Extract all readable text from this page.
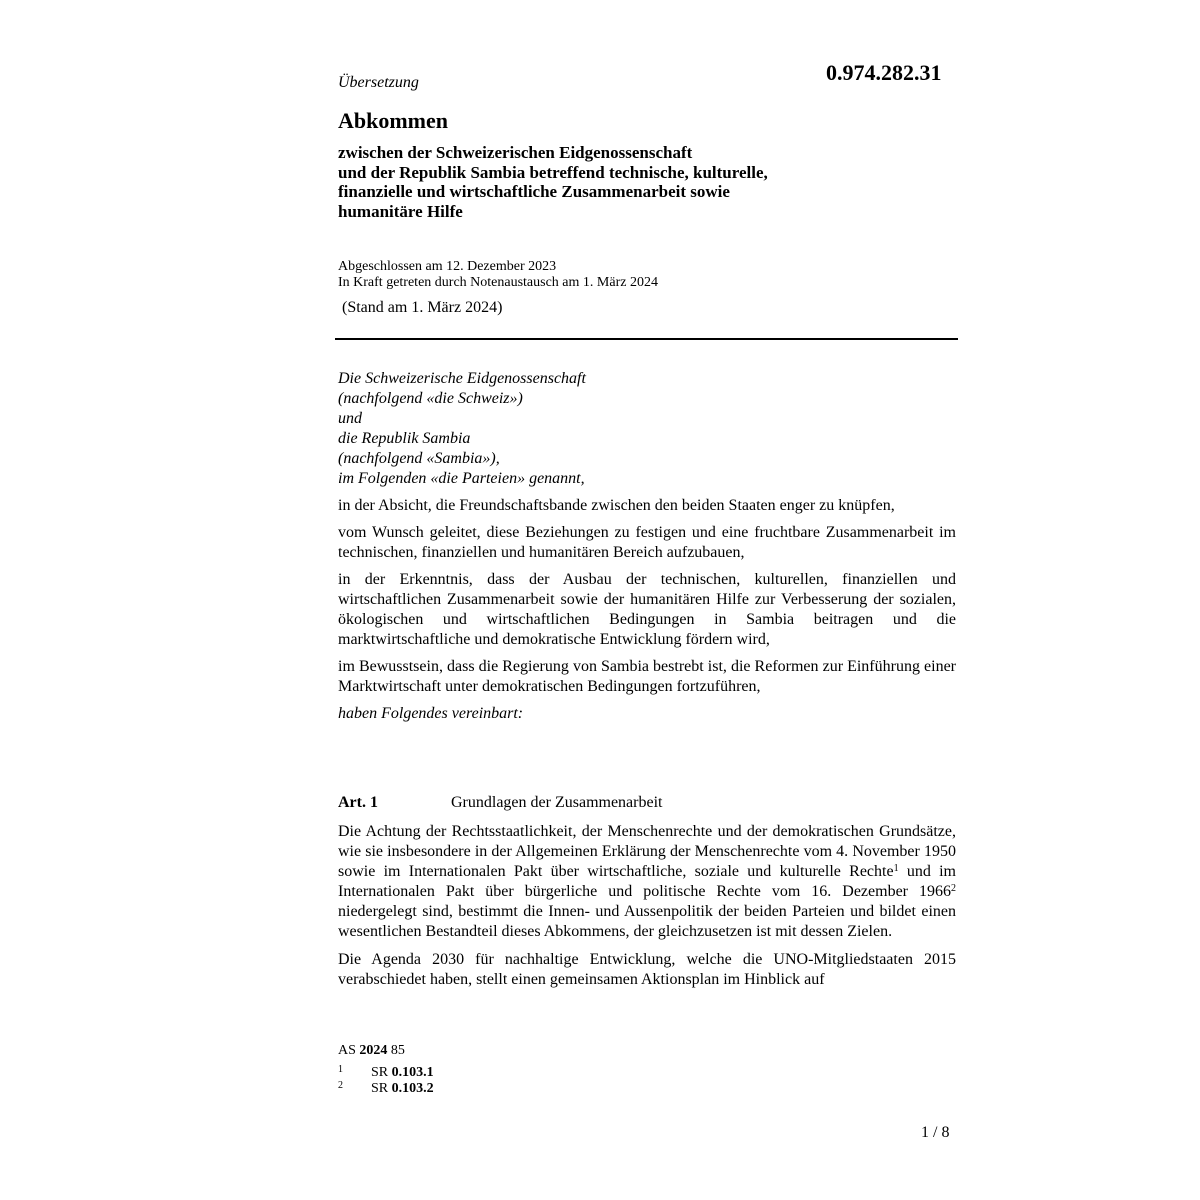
0.974.282.31
Übersetzung
Abkommen
zwischen der Schweizerischen Eidgenossenschaft
und der Republik Sambia betreffend technische, kulturelle,
finanzielle und wirtschaftliche Zusammenarbeit sowie
humanitäre Hilfe
Abgeschlossen am 12. Dezember 2023
In Kraft getreten durch Notenaustausch am 1. März 2024
(Stand am 1. März 2024)
Die Schweizerische Eidgenossenschaft
(nachfolgend «die Schweiz»)
und
die Republik Sambia
(nachfolgend «Sambia»),
im Folgenden «die Parteien» genannt,

in der Absicht, die Freundschaftsbande zwischen den beiden Staaten enger zu knüpfen,

vom Wunsch geleitet, diese Beziehungen zu festigen und eine fruchtbare Zusammenarbeit im technischen, finanziellen und humanitären Bereich aufzubauen,

in der Erkenntnis, dass der Ausbau der technischen, kulturellen, finanziellen und wirtschaftlichen Zusammenarbeit sowie der humanitären Hilfe zur Verbesserung der sozialen, ökologischen und wirtschaftlichen Bedingungen in Sambia beitragen und die marktwirtschaftliche und demokratische Entwicklung fördern wird,

im Bewusstsein, dass die Regierung von Sambia bestrebt ist, die Reformen zur Einführung einer Marktwirtschaft unter demokratischen Bedingungen fortzuführen,

haben Folgendes vereinbart:

Art. 1	Grundlagen der Zusammenarbeit

Die Achtung der Rechtsstaatlichkeit, der Menschenrechte und der demokratischen Grundsätze, wie sie insbesondere in der Allgemeinen Erklärung der Menschenrechte vom 4. November 1950 sowie im Internationalen Pakt über wirtschaftliche, soziale und kulturelle Rechte$^1$ und im Internationalen Pakt über bürgerliche und politische Rechte vom 16. Dezember 1966$^2$ niedergelegt sind, bestimmt die Innen- und Aussenpolitik der beiden Parteien und bildet einen wesentlichen Bestandteil dieses Abkommens, der gleichzusetzen ist mit dessen Zielen.

Die Agenda 2030 für nachhaltige Entwicklung, welche die UNO-Mitgliedstaaten 2015 verabschiedet haben, stellt einen gemeinsamen Aktionsplan im Hinblick auf

AS 2024 85
1 SR 0.103.1
2 SR 0.103.2
1 / 8
